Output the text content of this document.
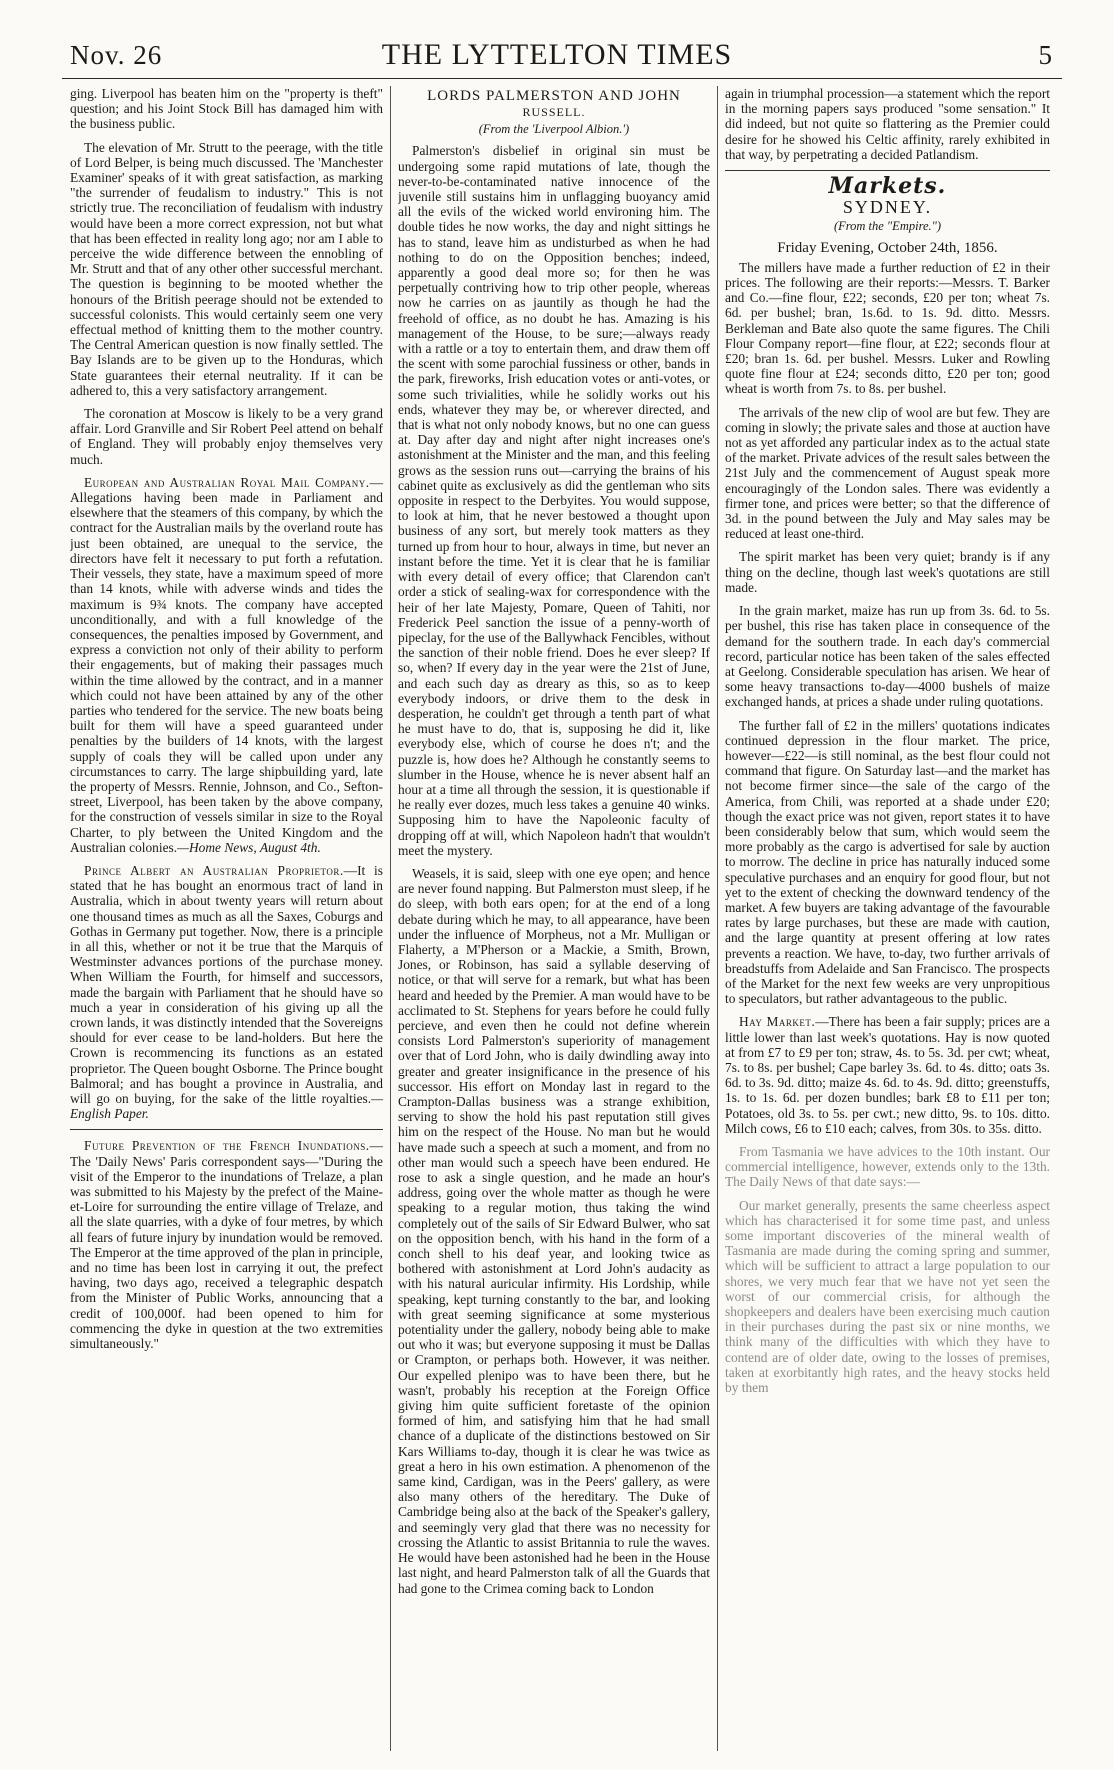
Nov. 26	THE LYTTELTON TIMES	5

ging. Liverpool has beaten him on the "property is theft" question; and his Joint Stock Bill has damaged him with the business public.

The elevation of Mr. Strutt to the peerage, with the title of Lord Belper, is being much discussed. The 'Manchester Examiner' speaks of it with great satisfaction, as marking "the surrender of feudalism to industry." This is not strictly true. The reconciliation of feudalism with industry would have been a more correct expression, not but what that has been effected in reality long ago; nor am I able to perceive the wide difference between the ennobling of Mr. Strutt and that of any other other successful merchant. The question is beginning to be mooted whether the honours of the British peerage should not be extended to successful colonists. This would certainly seem one very effectual method of knitting them to the mother country. The Central American question is now finally settled. The Bay Islands are to be given up to the Honduras, which State guarantees their eternal neutrality. If it can be adhered to, this a very satisfactory arrangement.

The coronation at Moscow is likely to be a very grand affair. Lord Granville and Sir Robert Peel attend on behalf of England. They will probably enjoy themselves very much.

European and Australian Royal Mail Company.—Allegations having been made in Parliament and elsewhere that the steamers of this company, by which the contract for the Australian mails by the overland route has just been obtained, are unequal to the service, the directors have felt it necessary to put forth a refutation. Their vessels, they state, have a maximum speed of more than 14 knots, while with adverse winds and tides the maximum is 9¾ knots. The company have accepted unconditionally, and with a full knowledge of the consequences, the penalties imposed by Government, and express a conviction not only of their ability to perform their engagements, but of making their passages much within the time allowed by the contract, and in a manner which could not have been attained by any of the other parties who tendered for the service. The new boats being built for them will have a speed guaranteed under penalties by the builders of 14 knots, with the largest supply of coals they will be called upon under any circumstances to carry. The large shipbuilding yard, late the property of Messrs. Rennie, Johnson, and Co., Sefton-street, Liverpool, has been taken by the above company, for the construction of vessels similar in size to the Royal Charter, to ply between the United Kingdom and the Australian colonies.—Home News, August 4th.

Prince Albert an Australian Proprietor.—It is stated that he has bought an enormous tract of land in Australia, which in about twenty years will return about one thousand times as much as all the Saxes, Coburgs and Gothas in Germany put together. Now, there is a principle in all this, whether or not it be true that the Marquis of Westminster advances portions of the purchase money. When William the Fourth, for himself and successors, made the bargain with Parliament that he should have so much a year in consideration of his giving up all the crown lands, it was distinctly intended that the Sovereigns should for ever cease to be land-holders. But here the Crown is recommencing its functions as an estated proprietor. The Queen bought Osborne. The Prince bought Balmoral; and has bought a province in Australia, and will go on buying, for the sake of the little royalties.—English Paper.

Future Prevention of the French Inundations.—The 'Daily News' Paris correspondent says—"During the visit of the Emperor to the inundations of Trelaze, a plan was submitted to his Majesty by the prefect of the Maine-et-Loire for surrounding the entire village of Trelaze, and all the slate quarries, with a dyke of four metres, by which all fears of future injury by inundation would be removed. The Emperor at the time approved of the plan in principle, and no time has been lost in carrying it out, the prefect having, two days ago, received a telegraphic despatch from the Minister of Public Works, announcing that a credit of 100,000f. had been opened to him for commencing the dyke in question at the two extremities simultaneously."

LORDS PALMERSTON AND JOHN
RUSSELL.
(From the 'Liverpool Albion.')

Palmerston's disbelief in original sin must be undergoing some rapid mutations of late, though the never-to-be-contaminated native innocence of the juvenile still sustains him in unflagging buoyancy amid all the evils of the wicked world environing him. The double tides he now works, the day and night sittings he has to stand, leave him as undisturbed as when he had nothing to do on the Opposition benches; indeed, apparently a good deal more so; for then he was perpetually contriving how to trip other people, whereas now he carries on as jauntily as though he had the freehold of office, as no doubt he has. Amazing is his management of the House, to be sure;—always ready with a rattle or a toy to entertain them, and draw them off the scent with some parochial fussiness or other, bands in the park, fireworks, Irish education votes or anti-votes, or some such trivialities, while he solidly works out his ends, whatever they may be, or wherever directed, and that is what not only nobody knows, but no one can guess at. Day after day and night after night increases one's astonishment at the Minister and the man, and this feeling grows as the session runs out—carrying the brains of his cabinet quite as exclusively as did the gentleman who sits opposite in respect to the Derbyites. You would suppose, to look at him, that he never bestowed a thought upon business of any sort, but merely took matters as they turned up from hour to hour, always in time, but never an instant before the time. Yet it is clear that he is familiar with every detail of every office; that Clarendon can't order a stick of sealing-wax for correspondence with the heir of her late Majesty, Pomare, Queen of Tahiti, nor Frederick Peel sanction the issue of a penny-worth of pipeclay, for the use of the Ballywhack Fencibles, without the sanction of their noble friend. Does he ever sleep? If so, when? If every day in the year were the 21st of June, and each such day as dreary as this, so as to keep everybody indoors, or drive them to the desk in desperation, he couldn't get through a tenth part of what he must have to do, that is, supposing he did it, like everybody else, which of course he does n't; and the puzzle is, how does he? Although he constantly seems to slumber in the House, whence he is never absent half an hour at a time all through the session, it is questionable if he really ever dozes, much less takes a genuine 40 winks. Supposing him to have the Napoleonic faculty of dropping off at will, which Napoleon hadn't that wouldn't meet the mystery.

Weasels, it is said, sleep with one eye open; and hence are never found napping. But Palmerston must sleep, if he do sleep, with both ears open; for at the end of a long debate during which he may, to all appearance, have been under the influence of Morpheus, not a Mr. Mulligan or Flaherty, a M'Pherson or a Mackie, a Smith, Brown, Jones, or Robinson, has said a syllable deserving of notice, or that will serve for a remark, but what has been heard and heeded by the Premier. A man would have to be acclimated to St. Stephens for years before he could fully percieve, and even then he could not define wherein consists Lord Palmerston's superiority of management over that of Lord John, who is daily dwindling away into greater and greater insignificance in the presence of his successor. His effort on Monday last in regard to the Crampton-Dallas business was a strange exhibition, serving to show the hold his past reputation still gives him on the respect of the House. No man but he would have made such a speech at such a moment, and from no other man would such a speech have been endured. He rose to ask a single question, and he made an hour's address, going over the whole matter as though he were speaking to a regular motion, thus taking the wind completely out of the sails of Sir Edward Bulwer, who sat on the opposition bench, with his hand in the form of a conch shell to his deaf year, and looking twice as bothered with astonishment at Lord John's audacity as with his natural auricular infirmity. His Lordship, while speaking, kept turning constantly to the bar, and looking with great seeming significance at some mysterious potentiality under the gallery, nobody being able to make out who it was; but everyone supposing it must be Dallas or Crampton, or perhaps both. However, it was neither. Our expelled plenipo was to have been there, but he wasn't, probably his reception at the Foreign Office giving him quite sufficient foretaste of the opinion formed of him, and satisfying him that he had small chance of a duplicate of the distinctions bestowed on Sir Kars Williams to-day, though it is clear he was twice as great a hero in his own estimation. A phenomenon of the same kind, Cardigan, was in the Peers' gallery, as were also many others of the hereditary. The Duke of Cambridge being also at the back of the Speaker's gallery, and seemingly very glad that there was no necessity for crossing the Atlantic to assist Britannia to rule the waves. He would have been astonished had he been in the House last night, and heard Palmerston talk of all the Guards that had gone to the Crimea coming back to London

again in triumphal procession—a statement which the report in the morning papers says produced "some sensation." It did indeed, but not quite so flattering as the Premier could desire for he showed his Celtic affinity, rarely exhibited in that way, by perpetrating a decided Patlandism.

Markets.
SYDNEY.
(From the "Empire.")
Friday Evening, October 24th, 1856.

The millers have made a further reduction of £2 in their prices. The following are their reports:—Messrs. T. Barker and Co.—fine flour, £22; seconds, £20 per ton; wheat 7s. 6d. per bushel; bran, 1s.6d. to 1s. 9d. ditto. Messrs. Berkleman and Bate also quote the same figures. The Chili Flour Company report—fine flour, at £22; seconds flour at £20; bran 1s. 6d. per bushel. Messrs. Luker and Rowling quote fine flour at £24; seconds ditto, £20 per ton; good wheat is worth from 7s. to 8s. per bushel.

The arrivals of the new clip of wool are but few. They are coming in slowly; the private sales and those at auction have not as yet afforded any particular index as to the actual state of the market. Private advices of the result sales between the 21st July and the commencement of August speak more encouragingly of the London sales. There was evidently a firmer tone, and prices were better; so that the difference of 3d. in the pound between the July and May sales may be reduced at least one-third.

The spirit market has been very quiet; brandy is if any thing on the decline, though last week's quotations are still made.

In the grain market, maize has run up from 3s. 6d. to 5s. per bushel, this rise has taken place in consequence of the demand for the southern trade. In each day's commercial record, particular notice has been taken of the sales effected at Geelong. Considerable speculation has arisen. We hear of some heavy transactions to-day—4000 bushels of maize exchanged hands, at prices a shade under ruling quotations.

The further fall of £2 in the millers' quotations indicates continued depression in the flour market. The price, however—£22—is still nominal, as the best flour could not command that figure. On Saturday last—and the market has not become firmer since—the sale of the cargo of the America, from Chili, was reported at a shade under £20; though the exact price was not given, report states it to have been considerably below that sum, which would seem the more probably as the cargo is advertised for sale by auction to morrow. The decline in price has naturally induced some speculative purchases and an enquiry for good flour, but not yet to the extent of checking the downward tendency of the market. A few buyers are taking advantage of the favourable rates by large purchases, but these are made with caution, and the large quantity at present offering at low rates prevents a reaction. We have, to-day, two further arrivals of breadstuffs from Adelaide and San Francisco. The prospects of the Market for the next few weeks are very unpropitious to speculators, but rather advantageous to the public.

Hay Market.—There has been a fair supply; prices are a little lower than last week's quotations. Hay is now quoted at from £7 to £9 per ton; straw, 4s. to 5s. 3d. per cwt; wheat, 7s. to 8s. per bushel; Cape barley 3s. 6d. to 4s. ditto; oats 3s. 6d. to 3s. 9d. ditto; maize 4s. 6d. to 4s. 9d. ditto; greenstuffs, 1s. to 1s. 6d. per dozen bundles; bark £8 to £11 per ton; Potatoes, old 3s. to 5s. per cwt.; new ditto, 9s. to 10s. ditto. Milch cows, £6 to £10 each; calves, from 30s. to 35s. ditto.

From Tasmania we have advices to the 10th instant. Our commercial intelligence, however, extends only to the 13th. The Daily News of that date says:—

Our market generally, presents the same cheerless aspect which has characterised it for some time past, and unless some important discoveries of the mineral wealth of Tasmania are made during the coming spring and summer, which will be sufficient to attract a large population to our shores, we very much fear that we have not yet seen the worst of our commercial crisis, for although the shopkeepers and dealers have been exercising much caution in their purchases during the past six or nine months, we think many of the difficulties with which they have to contend are of older date, owing to the losses of premises, taken at exorbitantly high rates, and the heavy stocks held by them
